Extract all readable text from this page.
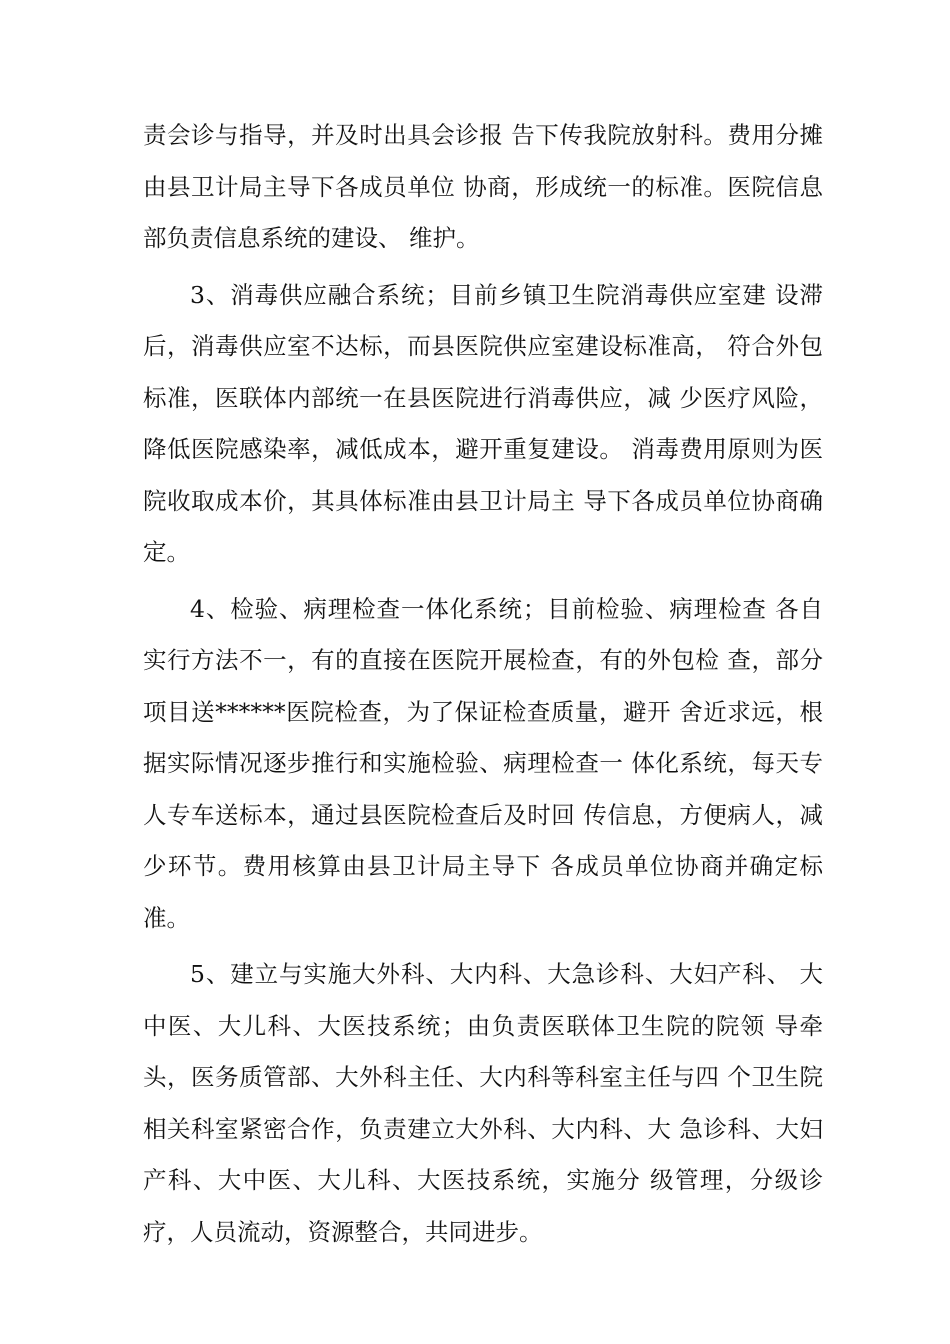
责会诊与指导，并及时出具会诊报 告下传我院放射科。费用分摊
由县卫计局主导下各成员单位 协商，形成统一的标准。医院信息
部负责信息系统的建设、 维护。
3、消毒供应融合系统；目前乡镇卫生院消毒供应室建 设滞
后，消毒供应室不达标，而县医院供应室建设标准高， 符合外包
标准，医联体内部统一在县医院进行消毒供应，减 少医疗风险，
降低医院感染率，减低成本，避开重复建设。 消毒费用原则为医
院收取成本价，其具体标准由县卫计局主 导下各成员单位协商确
定。
4、检验、病理检查一体化系统；目前检验、病理检查 各自
实行方法不一，有的直接在医院开展检查，有的外包检 查，部分
项目送******医院检查，为了保证检查质量，避开 舍近求远，根
据实际情况逐步推行和实施检验、病理检查一 体化系统，每天专
人专车送标本，通过县医院检查后及时回 传信息，方便病人，减
少环节。费用核算由县卫计局主导下 各成员单位协商并确定标
准。
5、建立与实施大外科、大内科、大急诊科、大妇产科、 大
中医、大儿科、大医技系统；由负责医联体卫生院的院领 导牵
头，医务质管部、大外科主任、大内科等科室主任与四 个卫生院
相关科室紧密合作，负责建立大外科、大内科、大 急诊科、大妇
产科、大中医、大儿科、大医技系统，实施分 级管理，分级诊
疗，人员流动，资源整合，共同进步。
